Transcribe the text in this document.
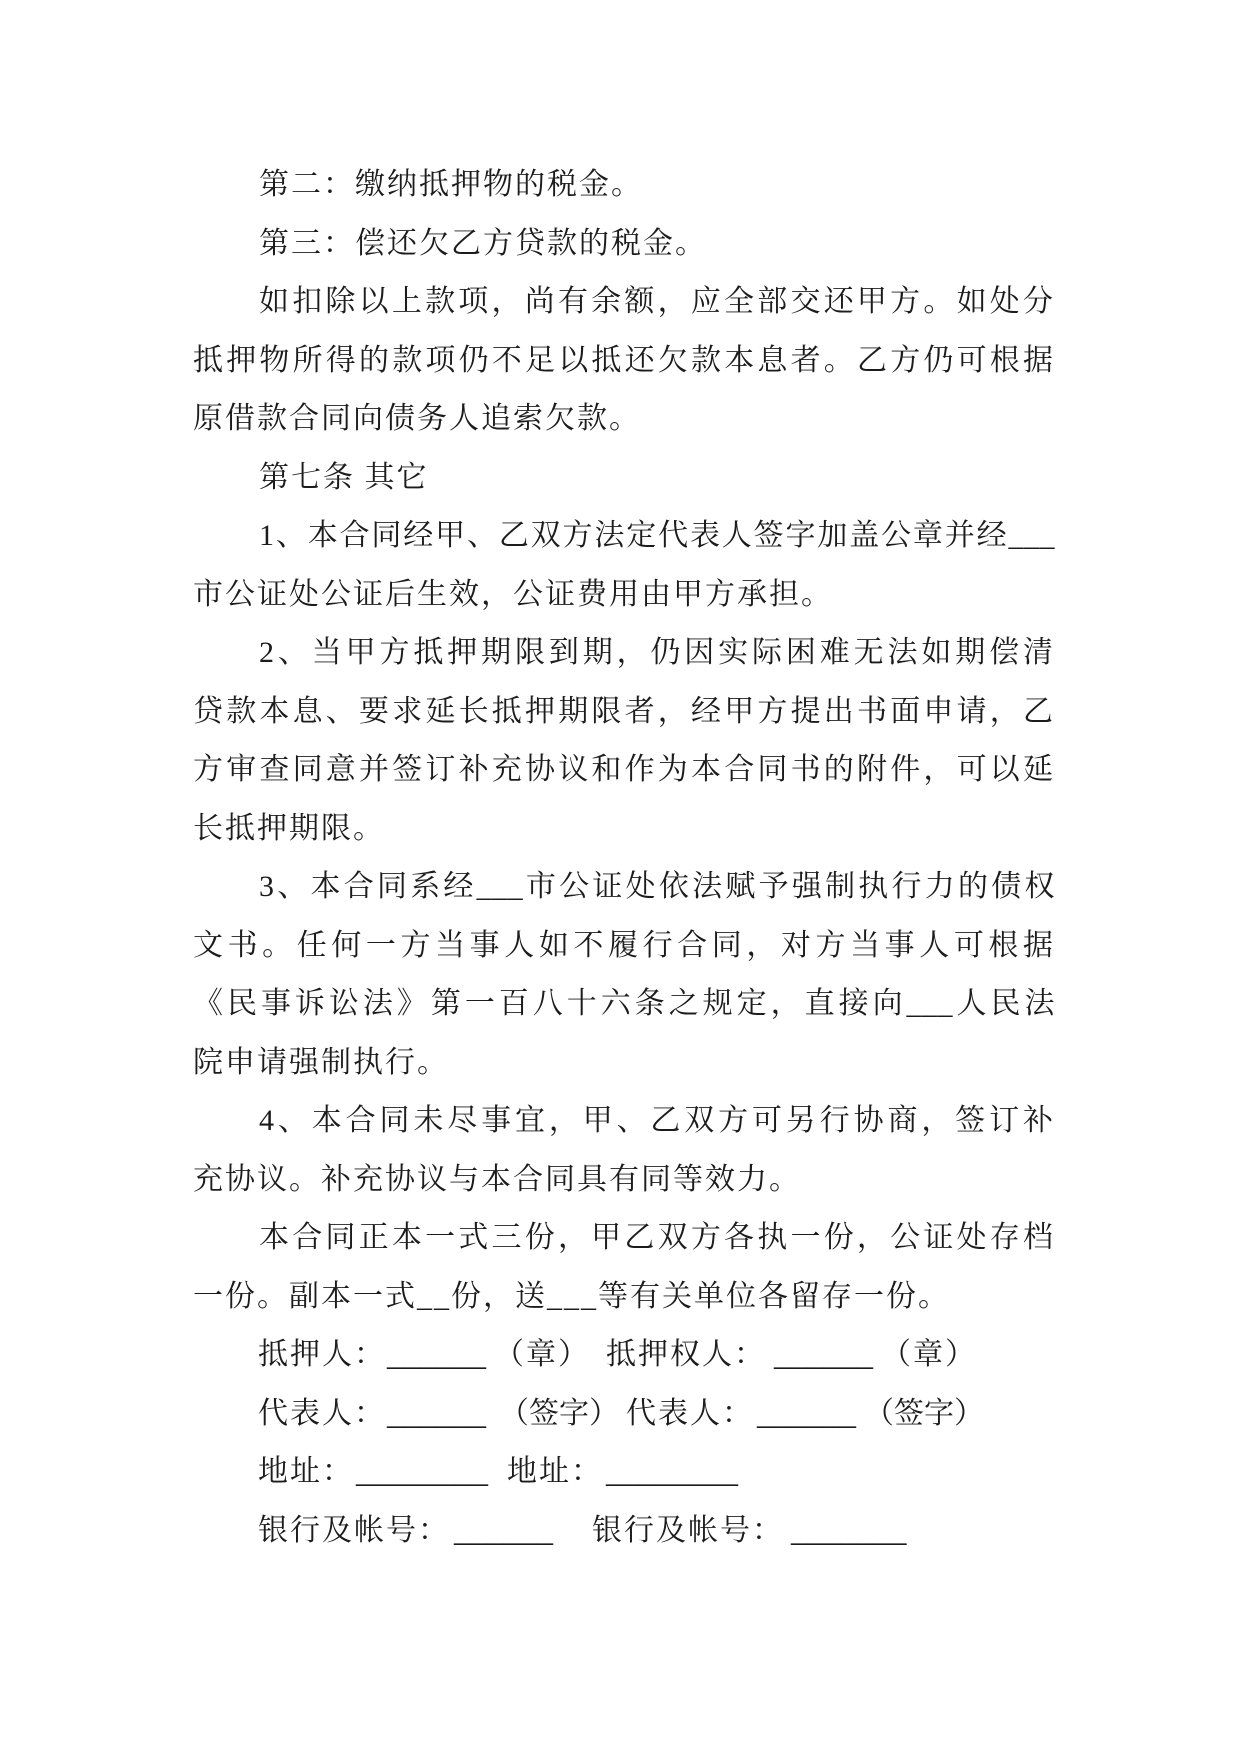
第二：缴纳抵押物的税金。
第三：偿还欠乙方贷款的税金。
如扣除以上款项，尚有余额，应全部交还甲方。如处分
抵押物所得的款项仍不足以抵还欠款本息者。乙方仍可根据
原借款合同向债务人追索欠款。
第七条 其它
1、本合同经甲、乙双方法定代表人签字加盖公章并经___
市公证处公证后生效，公证费用由甲方承担。
2、当甲方抵押期限到期，仍因实际困难无法如期偿清
贷款本息、要求延长抵押期限者，经甲方提出书面申请，乙
方审查同意并签订补充协议和作为本合同书的附件，可以延
长抵押期限。
3、本合同系经___市公证处依法赋予强制执行力的债权
文书。任何一方当事人如不履行合同，对方当事人可根据
《民事诉讼法》第一百八十六条之规定，直接向___人民法
院申请强制执行。
4、本合同未尽事宜，甲、乙双方可另行协商，签订补
充协议。补充协议与本合同具有同等效力。
本合同正本一式三份，甲乙双方各执一份，公证处存档
一份。副本一式__份，送___等有关单位各留存一份。
抵押人： ______ （章） 抵押权人： ______ （章）
代表人： ______ （签字） 代表人： ______ （签字）
地址： ________ 地址： ________
银行及帐号： ______ 银行及帐号： _______
